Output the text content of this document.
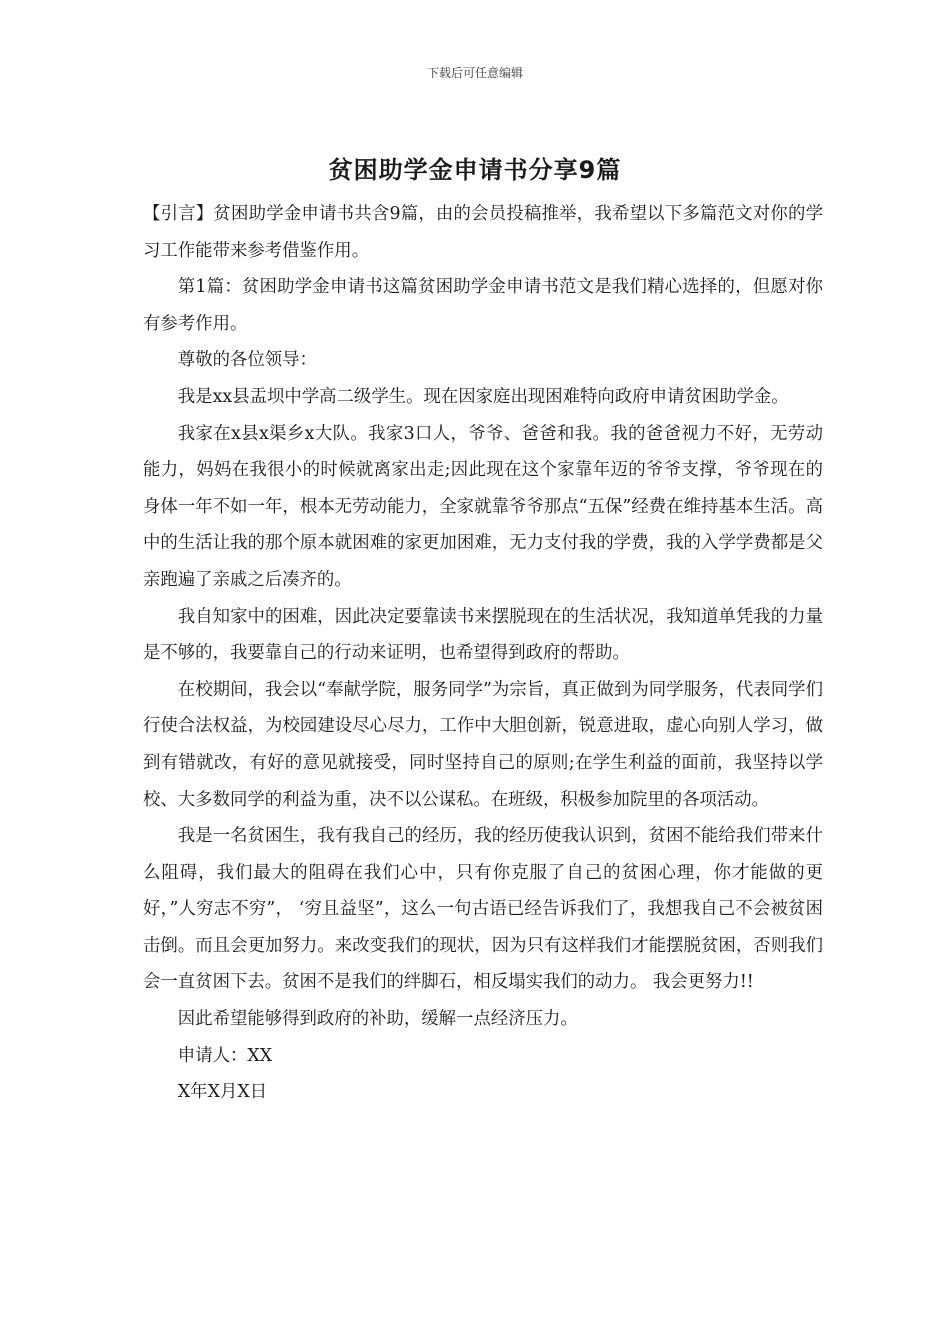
下载后可任意编辑
贫困助学金申请书分享9篇

【引言】贫困助学金申请书共含9篇，由的会员投稿推举，我希望以下多篇范文对你的学习工作能带来参考借鉴作用。

第1篇：贫困助学金申请书这篇贫困助学金申请书范文是我们精心选择的，但愿对你有参考作用。

尊敬的各位领导：

我是xx县盂坝中学高二级学生。现在因家庭出现困难特向政府申请贫困助学金。

我家在x县x渠乡x大队。我家3口人，爷爷、爸爸和我。我的爸爸视力不好，无劳动能力，妈妈在我很小的时候就离家出走;因此现在这个家靠年迈的爷爷支撑，爷爷现在的身体一年不如一年，根本无劳动能力，全家就靠爷爷那点“五保”经费在维持基本生活。高中的生活让我的那个原本就困难的家更加困难，无力支付我的学费，我的入学学费都是父亲跑遍了亲戚之后凑齐的。

我自知家中的困难，因此决定要靠读书来摆脱现在的生活状况，我知道单凭我的力量是不够的，我要靠自己的行动来证明，也希望得到政府的帮助。

在校期间，我会以“奉献学院，服务同学”为宗旨，真正做到为同学服务，代表同学们行使合法权益，为校园建设尽心尽力，工作中大胆创新，锐意进取，虚心向别人学习，做到有错就改，有好的意见就接受，同时坚持自己的原则;在学生利益的面前，我坚持以学校、大多数同学的利益为重，决不以公谋私。在班级，积极参加院里的各项活动。

我是一名贫困生，我有我自己的经历，我的经历使我认识到，贫困不能给我们带来什么阻碍，我们最大的阻碍在我们心中，只有你克服了自己的贫困心理，你才能做的更好，”人穷志不穷”， ‘穷且益坚”，这么一句古语已经告诉我们了，我想我自己不会被贫困击倒。而且会更加努力。来改变我们的现状，因为只有这样我们才能摆脱贫困，否则我们会一直贫困下去。贫困不是我们的绊脚石，相反塌实我们的动力。 我会更努力!!

因此希望能够得到政府的补助，缓解一点经济压力。

申请人：XX

X年X月X日
